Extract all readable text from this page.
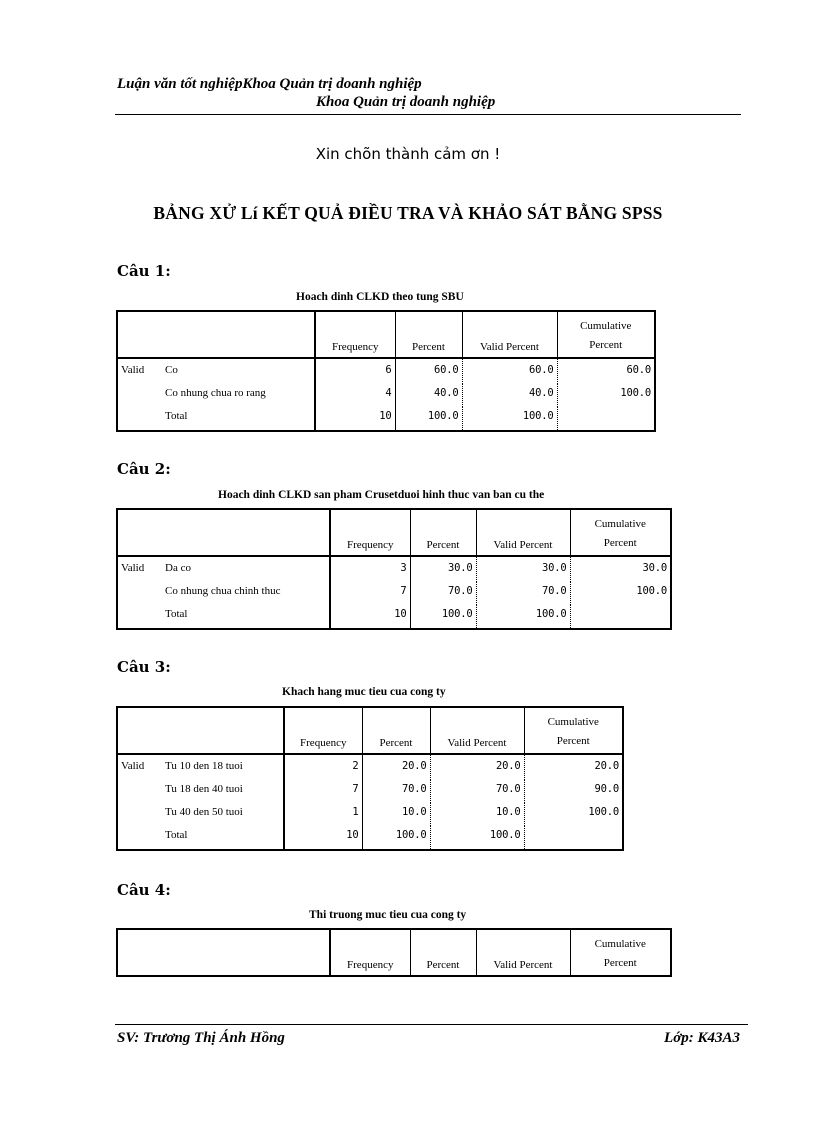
Luận văn tốt nghiệpKhoa Quản trị doanh nghiệp
Khoa Quản trị doanh nghiệp
Xin chõn thành cảm ơn !
BẢNG XỬ Lí KẾT QUẢ ĐIỀU TRA VÀ KHẢO SÁT BẰNG SPSS
Câu 1:
Hoach dinh CLKD theo tung SBU
		Frequency	Percent	Valid Percent	Cumulative
Percent
Valid	Co	6	60.0	60.0	60.0
	Co nhung chua ro rang	4	40.0	40.0	100.0
	Total	10	100.0	100.0	
Câu 2:
Hoach dinh CLKD san pham Crusetduoi hinh thuc van ban cu the
		Frequency	Percent	Valid Percent	Cumulative
Percent
Valid	Da co	3	30.0	30.0	30.0
	Co nhung chua chinh thuc	7	70.0	70.0	100.0
	Total	10	100.0	100.0	
Câu 3:
Khach hang muc tieu cua cong ty
		Frequency	Percent	Valid Percent	Cumulative
Percent
Valid	Tu 10 den 18 tuoi	2	20.0	20.0	20.0
	Tu 18 den 40 tuoi	7	70.0	70.0	90.0
	Tu 40 den 50 tuoi	1	10.0	10.0	100.0
	Total	10	100.0	100.0	
Câu 4:
Thi truong muc tieu cua cong ty
	Frequency	Percent	Valid Percent	Cumulative
Percent
SV: Trương Thị Ánh Hồng	Lớp: K43A3
